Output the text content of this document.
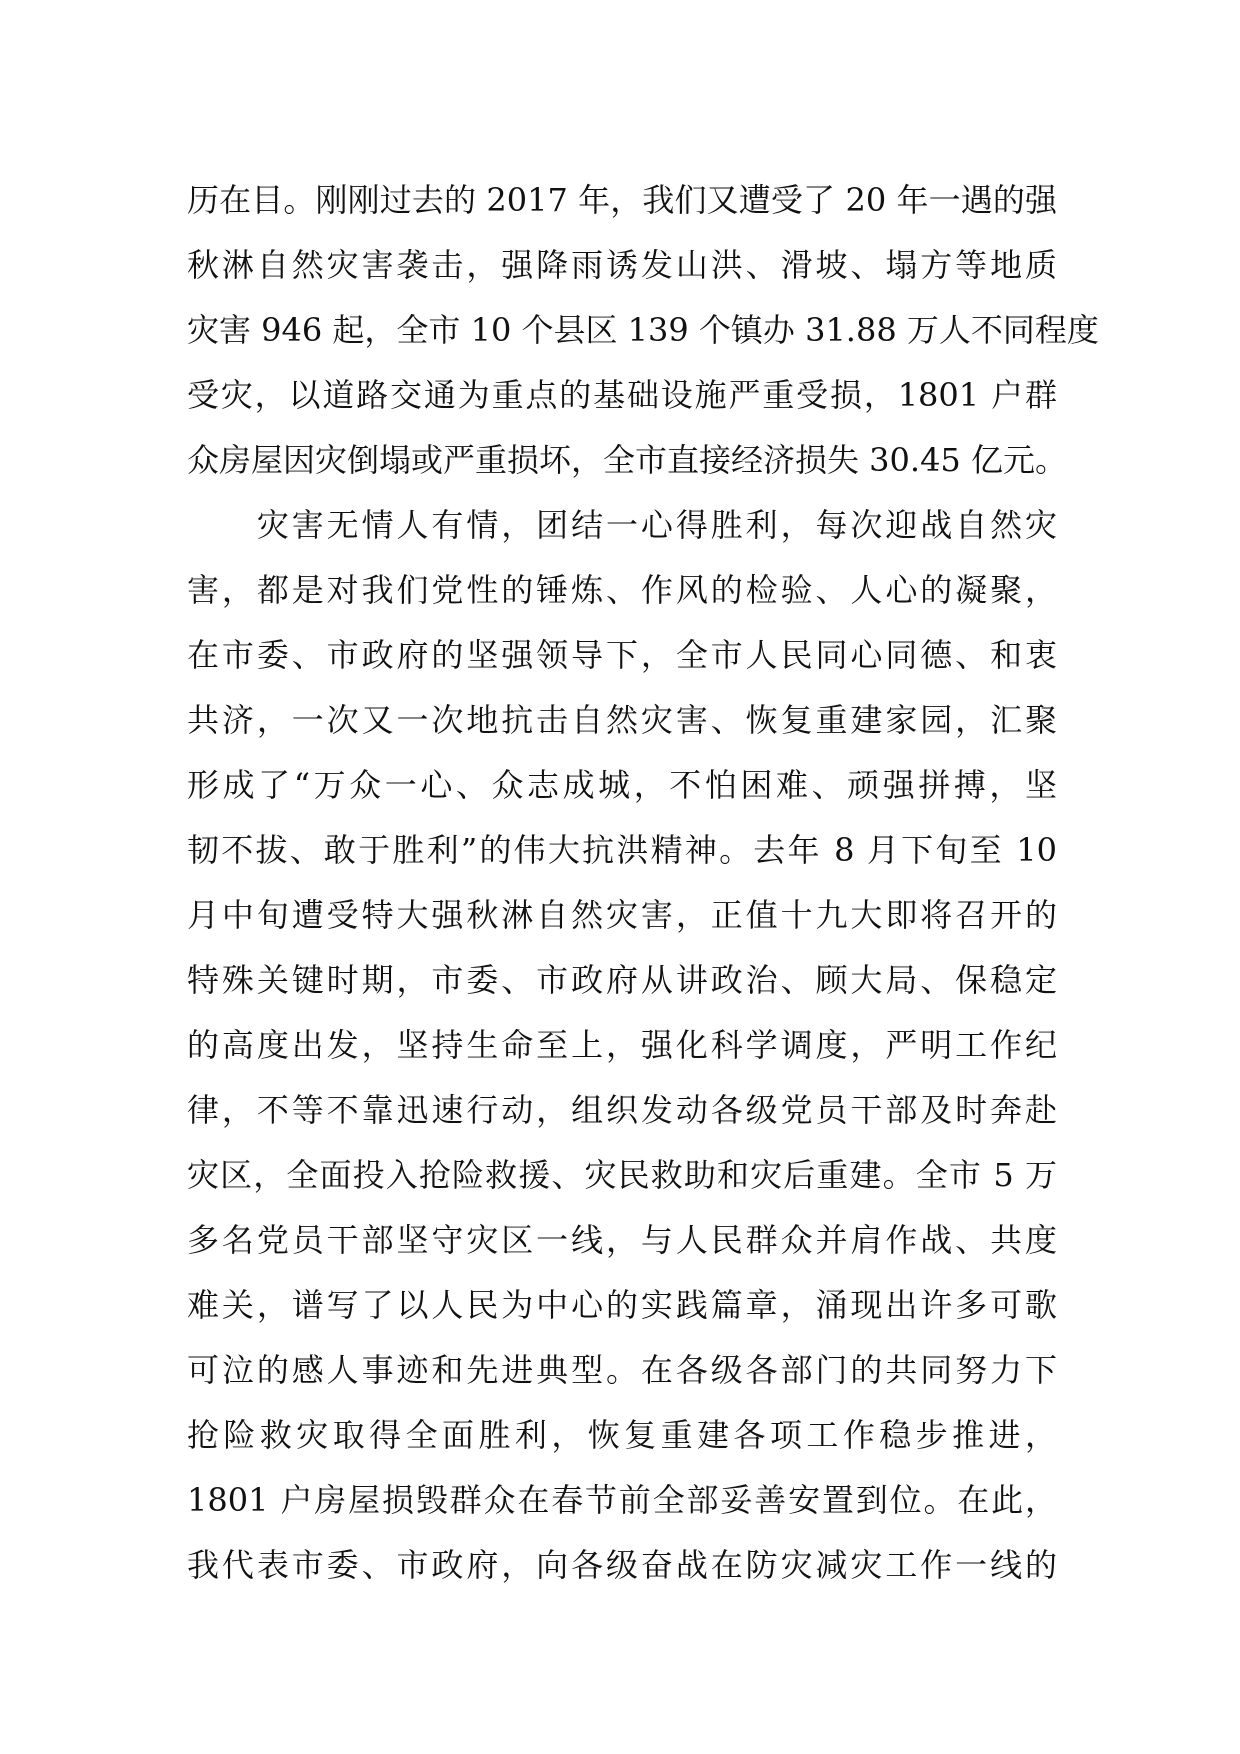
历在目。刚刚过去的 2017 年，我们又遭受了 20 年一遇的强
秋淋自然灾害袭击，强降雨诱发山洪、滑坡、塌方等地质
灾害 946 起，全市 10 个县区 139 个镇办 31.88 万人不同程度
受灾，以道路交通为重点的基础设施严重受损，1801 户群
众房屋因灾倒塌或严重损坏，全市直接经济损失 30.45 亿元。
　　灾害无情人有情，团结一心得胜利，每次迎战自然灾
害，都是对我们党性的锤炼、作风的检验、人心的凝聚，
在市委、市政府的坚强领导下，全市人民同心同德、和衷
共济，一次又一次地抗击自然灾害、恢复重建家园，汇聚
形成了“万众一心、众志成城，不怕困难、顽强拼搏，坚
韧不拔、敢于胜利”的伟大抗洪精神。去年 8 月下旬至 10
月中旬遭受特大强秋淋自然灾害，正值十九大即将召开的
特殊关键时期，市委、市政府从讲政治、顾大局、保稳定
的高度出发，坚持生命至上，强化科学调度，严明工作纪
律，不等不靠迅速行动，组织发动各级党员干部及时奔赴
灾区，全面投入抢险救援、灾民救助和灾后重建。全市 5 万
多名党员干部坚守灾区一线，与人民群众并肩作战、共度
难关，谱写了以人民为中心的实践篇章，涌现出许多可歌
可泣的感人事迹和先进典型。在各级各部门的共同努力下
抢险救灾取得全面胜利，恢复重建各项工作稳步推进，
1801 户房屋损毁群众在春节前全部妥善安置到位。在此，
我代表市委、市政府，向各级奋战在防灾减灾工作一线的
